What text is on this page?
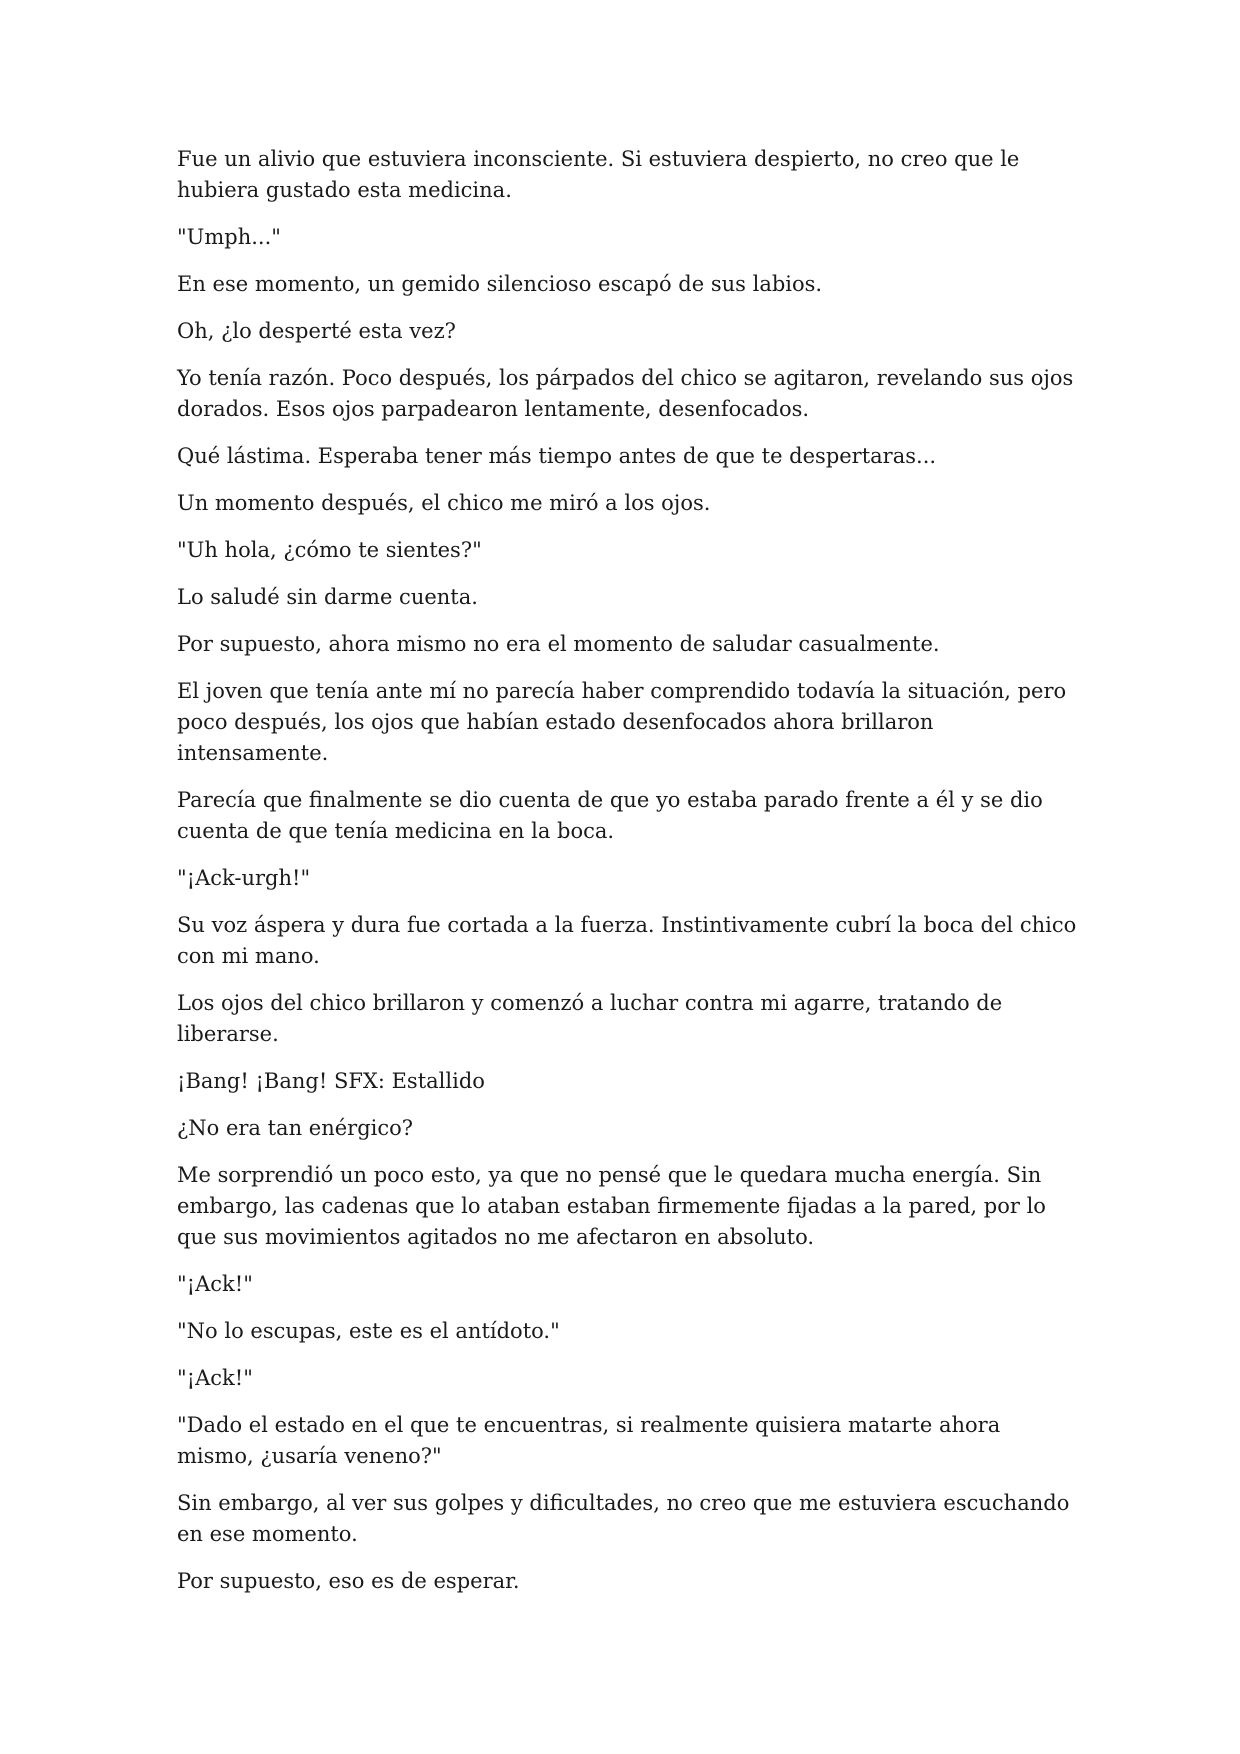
Fue un alivio que estuviera inconsciente. Si estuviera despierto, no creo que le hubiera gustado esta medicina.

"Umph..."

En ese momento, un gemido silencioso escapó de sus labios.

Oh, ¿lo desperté esta vez?

Yo tenía razón. Poco después, los párpados del chico se agitaron, revelando sus ojos dorados. Esos ojos parpadearon lentamente, desenfocados.

Qué lástima. Esperaba tener más tiempo antes de que te despertaras...

Un momento después, el chico me miró a los ojos.

"Uh hola, ¿cómo te sientes?"

Lo saludé sin darme cuenta.

Por supuesto, ahora mismo no era el momento de saludar casualmente.

El joven que tenía ante mí no parecía haber comprendido todavía la situación, pero poco después, los ojos que habían estado desenfocados ahora brillaron intensamente.

Parecía que finalmente se dio cuenta de que yo estaba parado frente a él y se dio cuenta de que tenía medicina en la boca.

"¡Ack-urgh!"

Su voz áspera y dura fue cortada a la fuerza. Instintivamente cubrí la boca del chico con mi mano.

Los ojos del chico brillaron y comenzó a luchar contra mi agarre, tratando de liberarse.

¡Bang! ¡Bang! SFX: Estallido

¿No era tan enérgico?

Me sorprendió un poco esto, ya que no pensé que le quedara mucha energía. Sin embargo, las cadenas que lo ataban estaban firmemente fijadas a la pared, por lo que sus movimientos agitados no me afectaron en absoluto.

"¡Ack!"

"No lo escupas, este es el antídoto."

"¡Ack!"

"Dado el estado en el que te encuentras, si realmente quisiera matarte ahora mismo, ¿usaría veneno?"

Sin embargo, al ver sus golpes y dificultades, no creo que me estuviera escuchando en ese momento.

Por supuesto, eso es de esperar.
